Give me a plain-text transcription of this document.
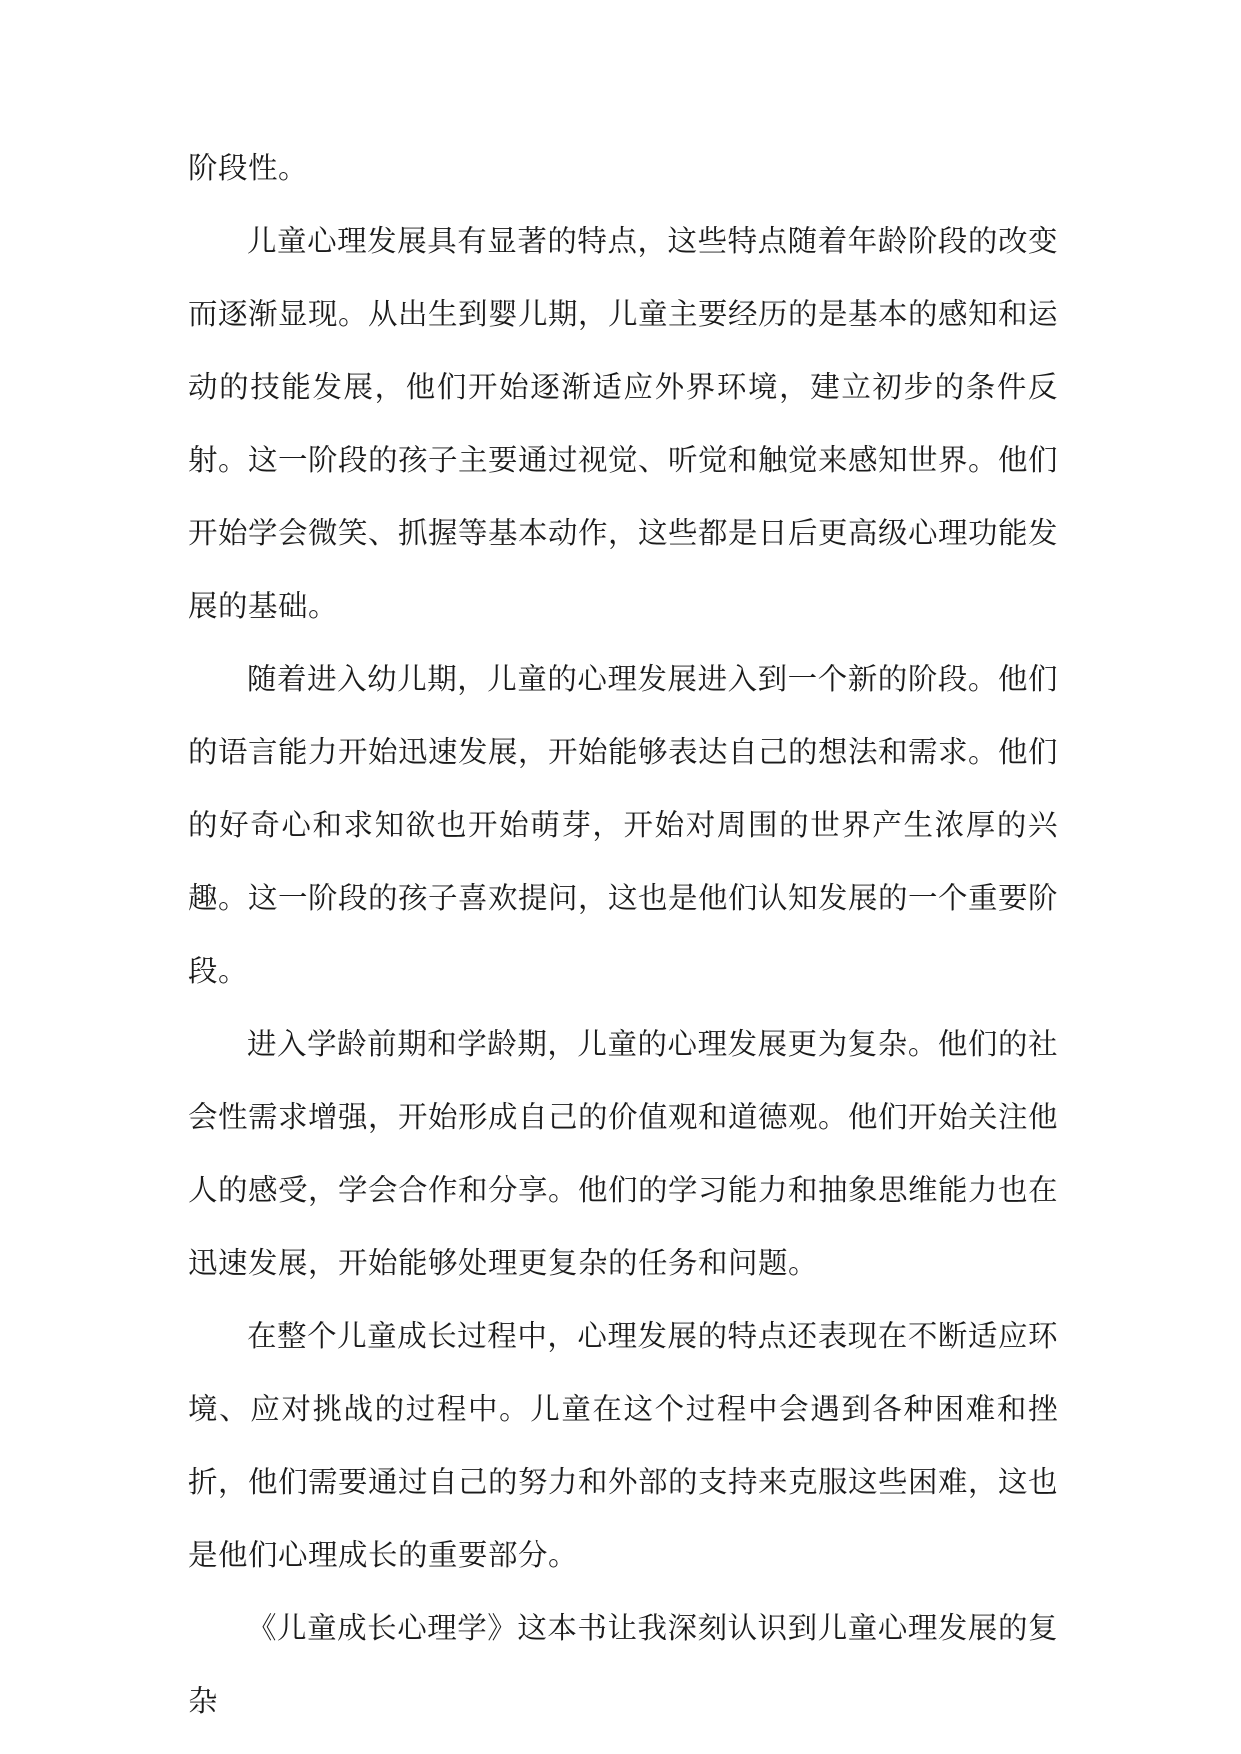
阶段性。

儿童心理发展具有显著的特点，这些特点随着年龄阶段的改变而逐渐显现。从出生到婴儿期，儿童主要经历的是基本的感知和运动的技能发展，他们开始逐渐适应外界环境，建立初步的条件反射。这一阶段的孩子主要通过视觉、听觉和触觉来感知世界。他们开始学会微笑、抓握等基本动作，这些都是日后更高级心理功能发展的基础。

随着进入幼儿期，儿童的心理发展进入到一个新的阶段。他们的语言能力开始迅速发展，开始能够表达自己的想法和需求。他们的好奇心和求知欲也开始萌芽，开始对周围的世界产生浓厚的兴趣。这一阶段的孩子喜欢提问，这也是他们认知发展的一个重要阶段。

进入学龄前期和学龄期，儿童的心理发展更为复杂。他们的社会性需求增强，开始形成自己的价值观和道德观。他们开始关注他人的感受，学会合作和分享。他们的学习能力和抽象思维能力也在迅速发展，开始能够处理更复杂的任务和问题。

在整个儿童成长过程中，心理发展的特点还表现在不断适应环境、应对挑战的过程中。儿童在这个过程中会遇到各种困难和挫折，他们需要通过自己的努力和外部的支持来克服这些困难，这也是他们心理成长的重要部分。

《儿童成长心理学》这本书让我深刻认识到儿童心理发展的复杂
